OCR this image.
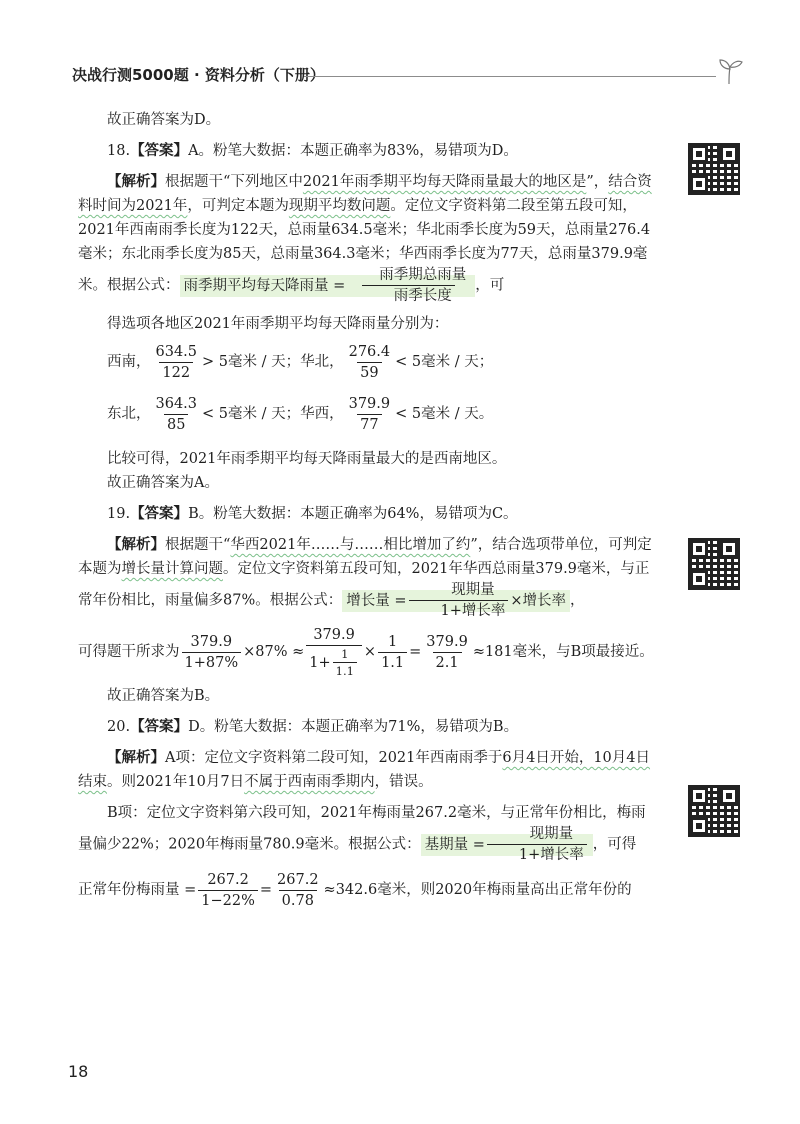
决战行测5000题 · 资料分析（下册）

故正确答案为D。

18.【答案】A。粉笔大数据：本题正确率为83%，易错项为D。

【解析】根据题干“下列地区中2021年雨季期平均每天降雨量最大的地区是”，结合资料时间为2021年，可判定本题为现期平均数问题。定位文字资料第二段至第五段可知，2021年西南雨季长度为122天，总雨量634.5毫米；华北雨季长度为59天，总雨量276.4毫米；东北雨季长度为85天，总雨量364.3毫米；华西雨季长度为77天，总雨量379.9毫米。根据公式： 雨季期平均每天降雨量 = $\frac{\text{雨季期总雨量}}{\text{雨季长度}}$ ，可

得选项各地区2021年雨季期平均每天降雨量分别为：

西南， $\frac{634.5}{122} > 5$毫米 / 天；华北， $\frac{276.4}{59} < 5$毫米 / 天；

东北， $\frac{364.3}{85} < 5$毫米 / 天；华西， $\frac{379.9}{77} < 5$毫米 / 天。

比较可得，2021年雨季期平均每天降雨量最大的是西南地区。

故正确答案为A。

19.【答案】B。粉笔大数据：本题正确率为64%，易错项为C。

【解析】根据题干“华西2021年……与……相比增加了约”，结合选项带单位，可判定本题为增长量计算问题。定位文字资料第五段可知，2021年华西总雨量379.9毫米，与正常年份相比，雨量偏多87%。根据公式： 增长量 = $\frac{\text{现期量}}{\text{1+增长率}}$ ×增长率 ，

可得题干所求为 $\frac{379.9}{1+87\%} \times 87\% \approx \frac{379.9}{1+ \frac{1}{1.1}} \times \frac{1}{1.1} = \frac{379.9}{2.1} \approx 181$毫米，与B项最接近。

故正确答案为B。

20.【答案】D。粉笔大数据：本题正确率为71%，易错项为B。

【解析】A项：定位文字资料第二段可知，2021年西南雨季于6月4日开始，10月4日结束。则2021年10月7日不属于西南雨季期内，错误。

B项：定位文字资料第六段可知，2021年梅雨量267.2毫米，与正常年份相比，梅雨量偏少22%；2020年梅雨量780.9毫米。根据公式： 基期量 = $\frac{\text{现期量}}{\text{1+增长率}}$ ，可得

正常年份梅雨量 = $\frac{267.2}{1-22\%} = \frac{267.2}{0.78} \approx 342.6$毫米，则2020年梅雨量高出正常年份的

18
